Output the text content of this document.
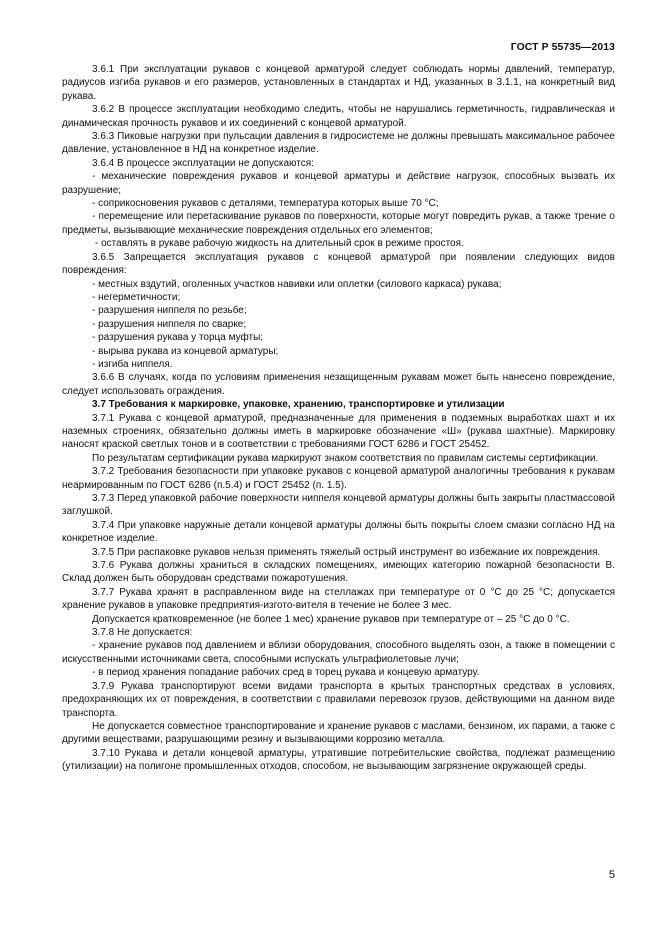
ГОСТ Р 55735—2013

3.6.1 При эксплуатации рукавов с концевой арматурой следует соблюдать нормы давлений, температур, радиусов изгиба рукавов и его размеров, установленных в стандартах и НД, указанных в 3.1.1, на конкретный вид рукава.

3.6.2 В процессе эксплуатации необходимо следить, чтобы не нарушались герметичность, гидравлическая и динамическая прочность рукавов и их соединений с концевой арматурой.

3.6.3 Пиковые нагрузки при пульсации давления в гидросистеме не должны превышать максимальное рабочее давление, установленное в НД на конкретное изделие.

3.6.4 В процессе эксплуатации не допускаются:

- механические повреждения рукавов и концевой арматуры и действие нагрузок, способных вызвать их разрушение;

- соприкосновения рукавов с деталями, температура которых выше 70 °С;

- перемещение или перетаскивание рукавов по поверхности, которые могут повредить рукав, а также трение о предметы, вызывающие механические повреждения отдельных его элементов;

- оставлять в рукаве рабочую жидкость на длительный срок в режиме простоя.

3.6.5 Запрещается эксплуатация рукавов с концевой арматурой при появлении следующих видов повреждения:

- местных вздутий, оголенных участков навивки или оплетки (силового каркаса) рукава;

- негерметичности;

- разрушения ниппеля по резьбе;

- разрушения ниппеля по сварке;

- разрушения рукава у торца муфты;

- вырыва рукава из концевой арматуры;

- изгиба ниппеля.

3.6.6 В случаях, когда по условиям применения незащищенным рукавам может быть нанесено повреждение, следует использовать ограждения.

3.7 Требования к маркировке, упаковке, хранению, транспортировке и утилизации

3.7.1 Рукава с концевой арматурой, предназначенные для применения в подземных выработках шахт и их наземных строениях, обязательно должны иметь в маркировке обозначение «Ш» (рукава шахтные). Маркировку наносят краской светлых тонов и в соответствии с требованиями ГОСТ 6286 и ГОСТ 25452.

По результатам сертификации рукава маркируют знаком соответствия по правилам системы сертификации.

3.7.2 Требования безопасности при упаковке рукавов с концевой арматурой аналогичны требования к рукавам неармированным по ГОСТ 6286 (п.5.4) и ГОСТ 25452 (п. 1.5).

3.7.3 Перед упаковкой рабочие поверхности ниппеля концевой арматуры должны быть закрыты пластмассовой заглушкой.

3.7.4 При упаковке наружные детали концевой арматуры должны быть покрыты слоем смазки согласно НД на конкретное изделие.

3.7.5 При распаковке рукавов нельзя применять тяжелый острый инструмент во избежание их повреждения.

3.7.6 Рукава должны храниться в складских помещениях, имеющих категорию пожарной безопасности В. Склад должен быть оборудован средствами пожаротушения.

3.7.7 Рукава хранят в расправленном виде на стеллажах при температуре от 0 °С до 25 °С; допускается хранение рукавов в упаковке предприятия-изгото-вителя в течение не более 3 мес.

Допускается кратковременное (не более 1 мес) хранение рукавов при температуре от – 25 °С до 0 °С.

3.7.8 Не допускается:

- хранение рукавов под давлением и вблизи оборудования, способного выделять озон, а также в помещении с искусственными источниками света, способными испускать ультрафиолетовые лучи;

- в период хранения попадание рабочих сред в торец рукава и концевую арматуру.

3.7.9 Рукава транспортируют всеми видами транспорта в крытых транспортных средствах в условиях, предохраняющих их от повреждения, в соответствии с правилами перевозок грузов, действующими на данном виде транспорта.

Не допускается совместное транспортирование и хранение рукавов с маслами, бензином, их парами, а также с другими веществами, разрушающими резину и вызывающими коррозию металла.

3.7.10 Рукава и детали концевой арматуры, утратившие потребительские свойства, подлежат размещению (утилизации) на полигоне промышленных отходов, способом, не вызывающим загрязнение окружающей среды.

5
